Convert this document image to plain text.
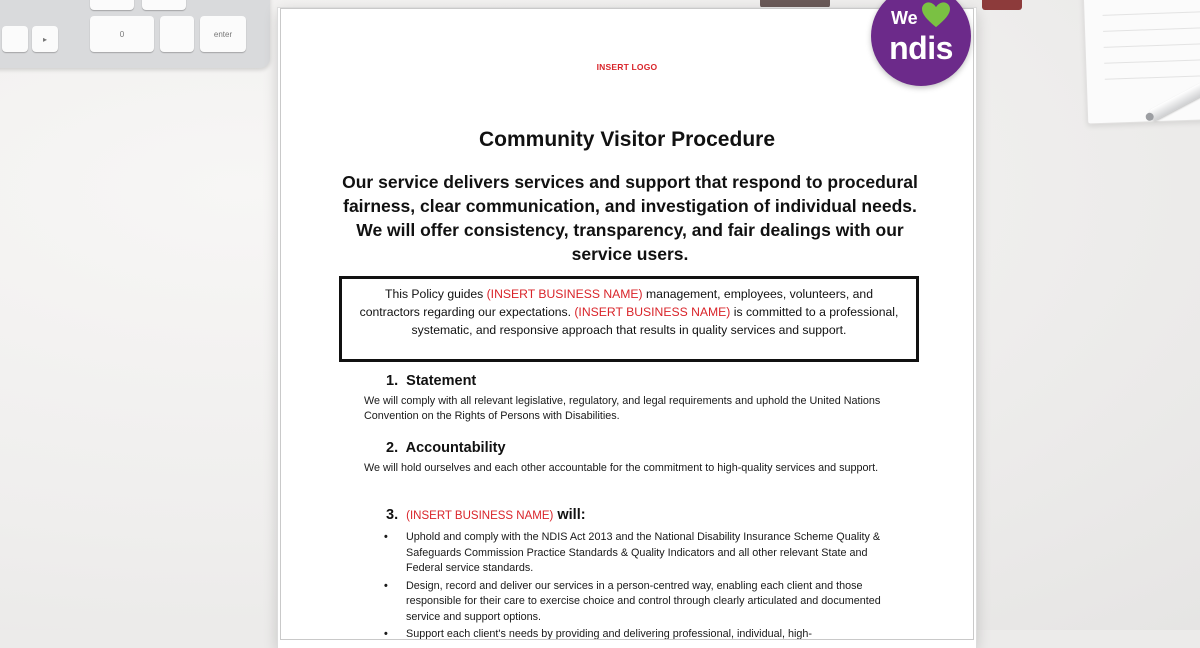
▸
0	enter
INSERT LOGO
Community Visitor Procedure
Our service delivers services and support that respond to procedural fairness, clear communication, and investigation of individual needs. We will offer consistency, transparency, and fair dealings with our service users.
This Policy guides (INSERT BUSINESS NAME) management, employees, volunteers, and contractors regarding our expectations. (INSERT BUSINESS NAME) is committed to a professional, systematic, and responsive approach that results in quality services and support.
1. Statement
We will comply with all relevant legislative, regulatory, and legal requirements and uphold the United Nations Convention on the Rights of Persons with Disabilities.
2. Accountability
We will hold ourselves and each other accountable for the commitment to high-quality services and support.
3. (INSERT BUSINESS NAME) will:
• Uphold and comply with the NDIS Act 2013 and the National Disability Insurance Scheme Quality & Safeguards Commission Practice Standards & Quality Indicators and all other relevant State and Federal service standards.
• Design, record and deliver our services in a person-centred way, enabling each client and those responsible for their care to exercise choice and control through clearly articulated and documented service and support options.
• Support each client's needs by providing and delivering professional, individual, high-
We
ndis
